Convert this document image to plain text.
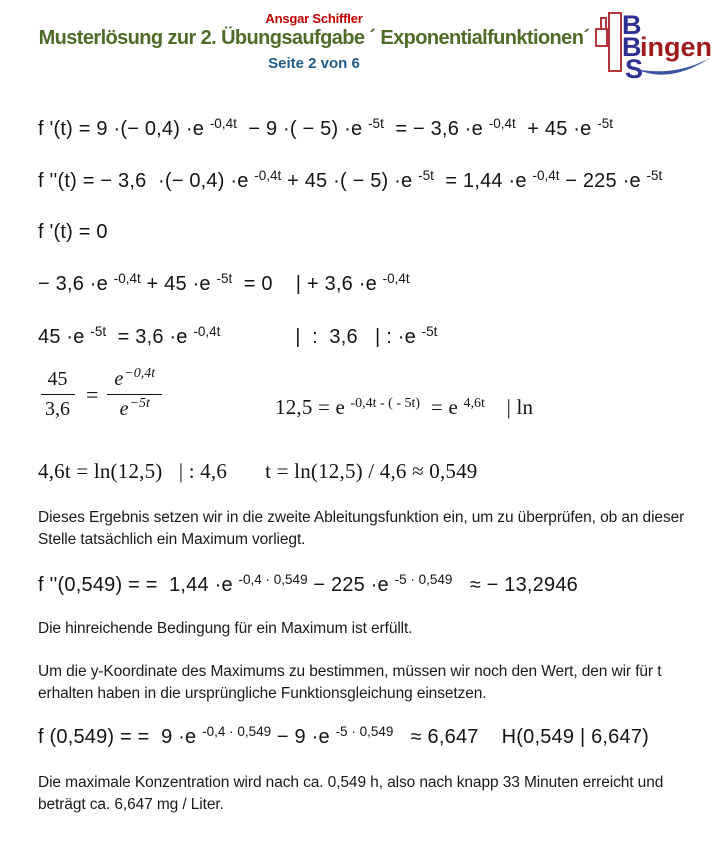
Ansgar Schiffler
Musterlösung zur 2. Übungsaufgabe ´ Exponentialfunktionen´
Seite 2 von 6
B
B
ingen
S
f '(t) = 9 ·(− 0,4) ·e $^{-0,4t}$  − 9 ·( − 5) ·e $^{-5t}$  = − 3,6 ·e $^{-0,4t}$  + 45 ·e $^{-5t}$
f ''(t) = − 3,6  ·(− 0,4) ·e $^{-0,4t}$ + 45 ·( − 5) ·e $^{-5t}$  = 1,44 ·e $^{-0,4t}$ − 225 ·e $^{-5t}$
f '(t) = 0
− 3,6 ·e $^{-0,4t}$ + 45 ·e $^{-5t}$  = 0    | + 3,6 ·e $^{-0,4t}$
45 ·e $^{-5t}$  = 3,6 ·e $^{-0,4t}$             |  :  3,6   | : ·e $^{-5t}$
$\frac{45}{3,6} = \frac{e^{-0,4t}}{e^{-5t}}$	12,5 = e $^{-0,4t - ( - 5t)}$  = e $^{4,6t}$    | ln
4,6t = ln(12,5)   | : 4,6       t = ln(12,5) / 4,6 ≈ 0,549
Dieses Ergebnis setzen wir in die zweite Ableitungsfunktion ein, um zu überprüfen, ob an dieser Stelle tatsächlich ein Maximum vorliegt.
f ''(0,549) = =  1,44 ·e $^{-0,4 \cdot 0,549}$ − 225 ·e $^{-5 \cdot 0,549}$   ≈ − 13,2946
Die hinreichende Bedingung für ein Maximum ist erfüllt.
Um die y-Koordinate des Maximums zu bestimmen, müssen wir noch den Wert, den wir für t erhalten haben in die ursprüngliche Funktionsgleichung einsetzen.
f (0,549) = =  9 ·e $^{-0,4 \cdot 0,549}$ − 9 ·e $^{-5 \cdot 0,549}$   ≈ 6,647    H(0,549 | 6,647)
Die maximale Konzentration wird nach ca. 0,549 h, also nach knapp 33 Minuten erreicht und beträgt ca. 6,647 mg / Liter.
